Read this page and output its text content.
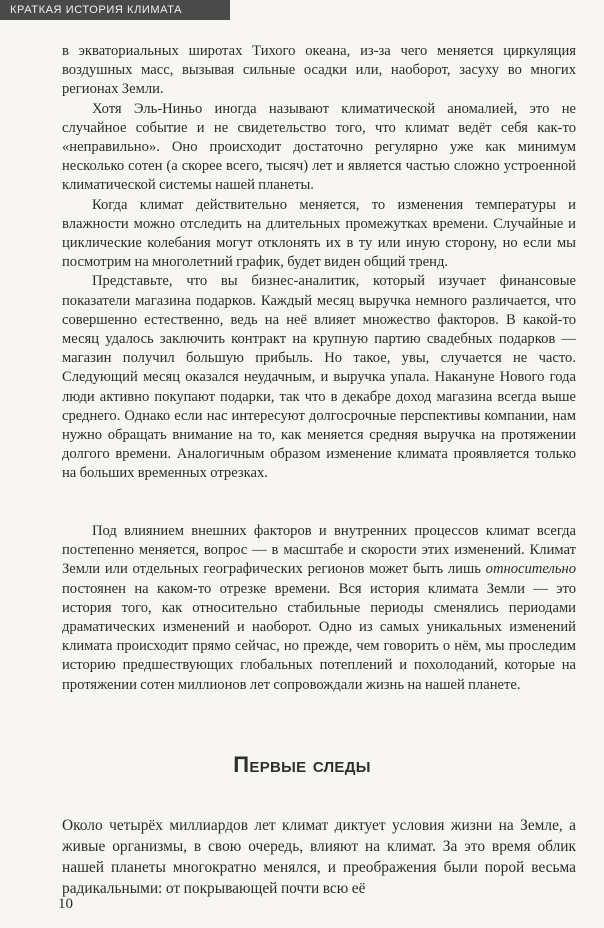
КРАТКАЯ ИСТОРИЯ КЛИМАТА

в экваториальных широтах Тихого океана, из-за чего меняется циркуляция воздушных масс, вызывая сильные осадки или, наоборот, засуху во многих регионах Земли.

Хотя Эль-Ниньо иногда называют климатической аномалией, это не случайное событие и не свидетельство того, что климат ведёт себя как-то «неправильно». Оно происходит достаточно регулярно уже как минимум несколько сотен (а скорее всего, тысяч) лет и является частью сложно устроенной климатической системы нашей планеты.

Когда климат действительно меняется, то изменения температуры и влажности можно отследить на длительных промежутках времени. Случайные и циклические колебания могут отклонять их в ту или иную сторону, но если мы посмотрим на многолетний график, будет виден общий тренд.

Представьте, что вы бизнес-аналитик, который изучает финансовые показатели магазина подарков. Каждый месяц выручка немного различается, что совершенно естественно, ведь на неё влияет множество факторов. В какой-то месяц удалось заключить контракт на крупную партию свадебных подарков — магазин получил большую прибыль. Но такое, увы, случается не часто. Следующий месяц оказался неудачным, и выручка упала. Накануне Нового года люди активно покупают подарки, так что в декабре доход магазина всегда выше среднего. Однако если нас интересуют долгосрочные перспективы компании, нам нужно обращать внимание на то, как меняется средняя выручка на протяжении долгого времени. Аналогичным образом изменение климата проявляется только на больших временных отрезках.

Под влиянием внешних факторов и внутренних процессов климат всегда постепенно меняется, вопрос — в масштабе и скорости этих изменений. Климат Земли или отдельных географических регионов может быть лишь относительно постоянен на каком-то отрезке времени. Вся история климата Земли — это история того, как относительно стабильные периоды сменялись периодами драматических изменений и наоборот. Одно из самых уникальных изменений климата происходит прямо сейчас, но прежде, чем говорить о нём, мы проследим историю предшествующих глобальных потеплений и похолоданий, которые на протяжении сотен миллионов лет сопровождали жизнь на нашей планете.

Первые следы

Около четырёх миллиардов лет климат диктует условия жизни на Земле, а живые организмы, в свою очередь, влияют на климат. За это время облик нашей планеты многократно менялся, и преображения были порой весьма радикальными: от покрывающей почти всю её

10
